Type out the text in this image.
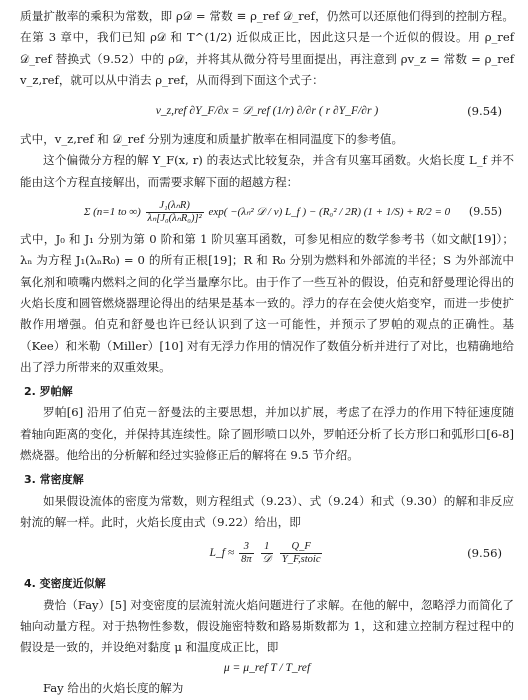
质量扩散率的乘积为常数，即 ρ𝒟 = 常数 ≡ ρ_ref 𝒟_ref，仍然可以还原他们得到的控制方程。在第 3 章中，我们已知 ρ𝒟 和 T^(1/2) 近似成正比，因此这只是一个近似的假设。用 ρ_ref 𝒟_ref 替换式（9.52）中的 ρ𝒟，并将其从微分符号里面提出，再注意到 ρv_z = 常数 = ρ_ref v_z,ref，就可以从中消去 ρ_ref，从而得到下面这个式子：

v_z,ref ∂Y_F/∂x = 𝒟_ref (1/r) ∂/∂r ( r ∂Y_F/∂r )	(9.54)

式中，v_z,ref 和 𝒟_ref 分别为速度和质量扩散率在相同温度下的参考值。

这个偏微分方程的解 Y_F(x, r) 的表达式比较复杂，并含有贝塞耳函数。火焰长度 L_f 并不能由这个方程直接解出，而需要求解下面的超越方程：

Σ (n=1 to ∞) $\frac{\text{J₁(λₙR)}}{\text{λₙ[J₀(λₙR₀)]²}} \exp( -(\lambda_n^2$ 𝒟 / v) L_f ) − (R₀² / 2R) (1 + 1/S) + R/2 = 0 (9.55)

式中，J₀ 和 J₁ 分别为第 0 阶和第 1 阶贝塞耳函数，可参见相应的数学参考书（如文献[19]）；λₙ 为方程 J₁(λₙR₀) = 0 的所有正根[19]；R 和 R₀ 分别为燃料和外部流的半径；S 为外部流中氧化剂和喷嘴内燃料之间的化学当量摩尔比。由于作了一些互补的假设，伯克和舒曼理论得出的火焰长度和圆管燃烧器理论得出的结果是基本一致的。浮力的存在会使火焰变窄，而进一步使扩散作用增强。伯克和舒曼也许已经认识到了这一可能性，并预示了罗帕的观点的正确性。基（Kee）和米勒（Miller）[10] 对有无浮力作用的情况作了数值分析并进行了对比，也精确地给出了浮力所带来的双重效果。

2. 罗帕解

罗帕[6] 沿用了伯克－舒曼法的主要思想，并加以扩展，考虑了在浮力的作用下特征速度随着轴向距离的变化，并保持其连续性。除了圆形喷口以外，罗帕还分析了长方形口和弧形口[6-8] 燃烧器。他给出的分析解和经过实验修正后的解将在 9.5 节介绍。

3. 常密度解

如果假设流体的密度为常数，则方程组式（9.23）、式（9.24）和式（9.30）的解和非反应射流的解一样。此时，火焰长度由式（9.22）给出，即

L_f ≈ $\frac{3}{8\pi}$
$\frac{1}{\text{𝒟}}$
$\frac{Q\_F}{\text{Y\_F,stoic}}$	(9.56)
4. 变密度近似解

费恰（Fay）[5] 对变密度的层流射流火焰问题进行了求解。在他的解中，忽略浮力而简化了轴向动量方程。对于热物性参数，假设施密特数和路易斯数都为 1，这和建立控制方程过程中的假设是一致的，并设绝对黏度 μ 和温度成正比，即

μ = μ_ref T / T_ref

Fay 给出的火焰长度的解为
